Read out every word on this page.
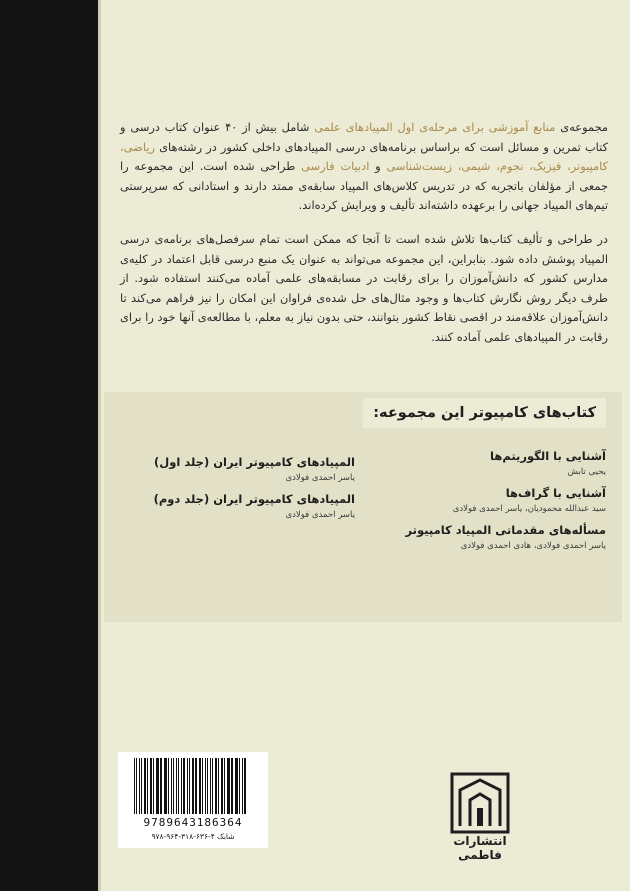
مجموعه‌ی منابع آموزشی برای مرحله‌ی اول المپیادهای علمی شامل بیش از ۴۰ عنوان کتاب درسی و کتاب تمرین و مسائل است که براساس برنامه‌های درسی المپیادهای داخلی کشور در رشته‌های ریاضی، کامپیوتر، فیزیک، نجوم، شیمی، زیست‌شناسی و ادبیات فارسی طراحی شده است. این مجموعه را جمعی از مؤلفان باتجربه که در تدریس کلاس‌های المپیاد سابقه‌ی ممتد دارند و استادانی که سرپرستی تیم‌های المپیاد جهانی را برعهده داشته‌اند تألیف و ویرایش کرده‌اند.

در طراحی و تألیف کتاب‌ها تلاش شده است تا آنجا که ممکن است تمام سرفصل‌های برنامه‌ی درسی المپیاد پوشش داده شود. بنابراین، این مجموعه می‌تواند به عنوان یک منبع درسی قابل اعتماد در کلیه‌ی مدارس کشور که دانش‌آموزان را برای رقابت در مسابقه‌های علمی آماده می‌کنند استفاده شود. از طرف دیگر روش نگارش کتاب‌ها و وجود مثال‌های حل شده‌ی فراوان این امکان را نیز فراهم می‌کند تا دانش‌آموزان علاقه‌مند در اقصی نقاط کشور بتوانند، حتی بدون نیاز به معلم، با مطالعه‌ی آنها خود را برای رقابت در المپیادهای علمی آماده کنند.

کتاب‌های کامپیوتر این مجموعه:
آشنایی با الگوریتم‌ها
یحیی تابش
آشنایی با گراف‌ها
سید عبدالله محمودیان، یاسر احمدی فولادی
مسأله‌های مقدماتی المپیاد کامپیوتر
یاسر احمدی فولادی، هادی احمدی فولادی
المپیادهای کامپیوتر ایران (جلد اول)
یاسر احمدی فولادی
المپیادهای کامپیوتر ایران (جلد دوم)
یاسر احمدی فولادی
9789643186364
شابک ۴-۶۳۶-۳۱۸-۹۶۴-۹۷۸	انتشارات فاطمی
